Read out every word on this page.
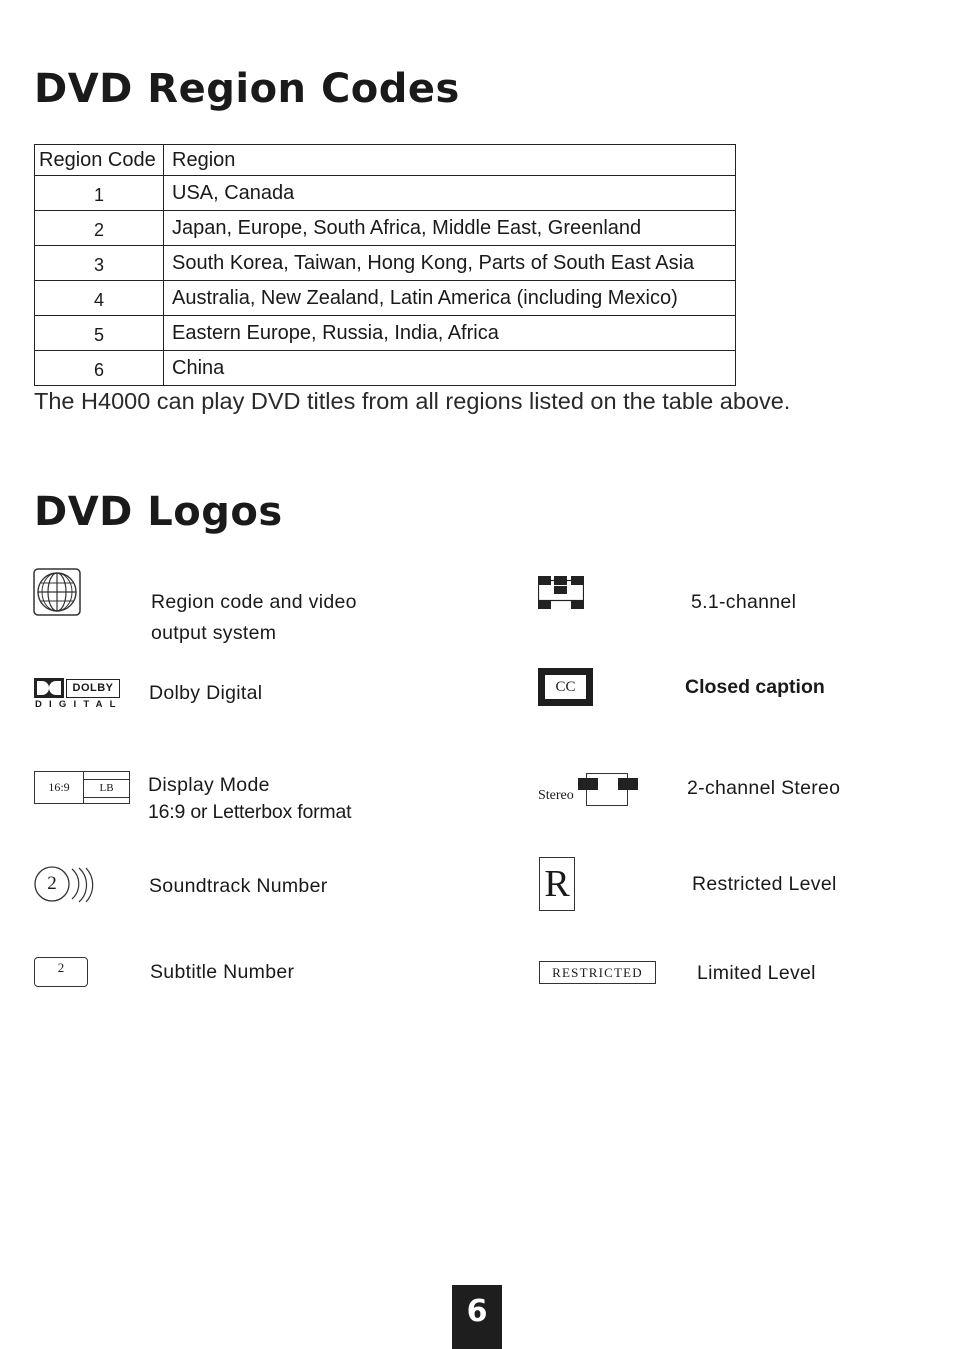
DVD Region Codes
Region Code	Region
1	USA, Canada
2	Japan, Europe, South Africa, Middle East, Greenland
3	South Korea, Taiwan, Hong Kong, Parts of South East Asia
4	Australia, New Zealand, Latin America (including Mexico)
5	Eastern Europe, Russia, India, Africa
6	China
The H4000 can play DVD titles from all regions listed on the table above.
DVD Logos
Region code and video
output system
DOLBY
DIGITAL
Dolby Digital
16:9	LB	Display Mode
16:9 or Letterbox format
2	Soundtrack Number
2	Subtitle Number
5.1-channel
CC	Closed caption
Stereo	2-channel Stereo
R	Restricted Level
RESTRICTED	Limited Level
6
